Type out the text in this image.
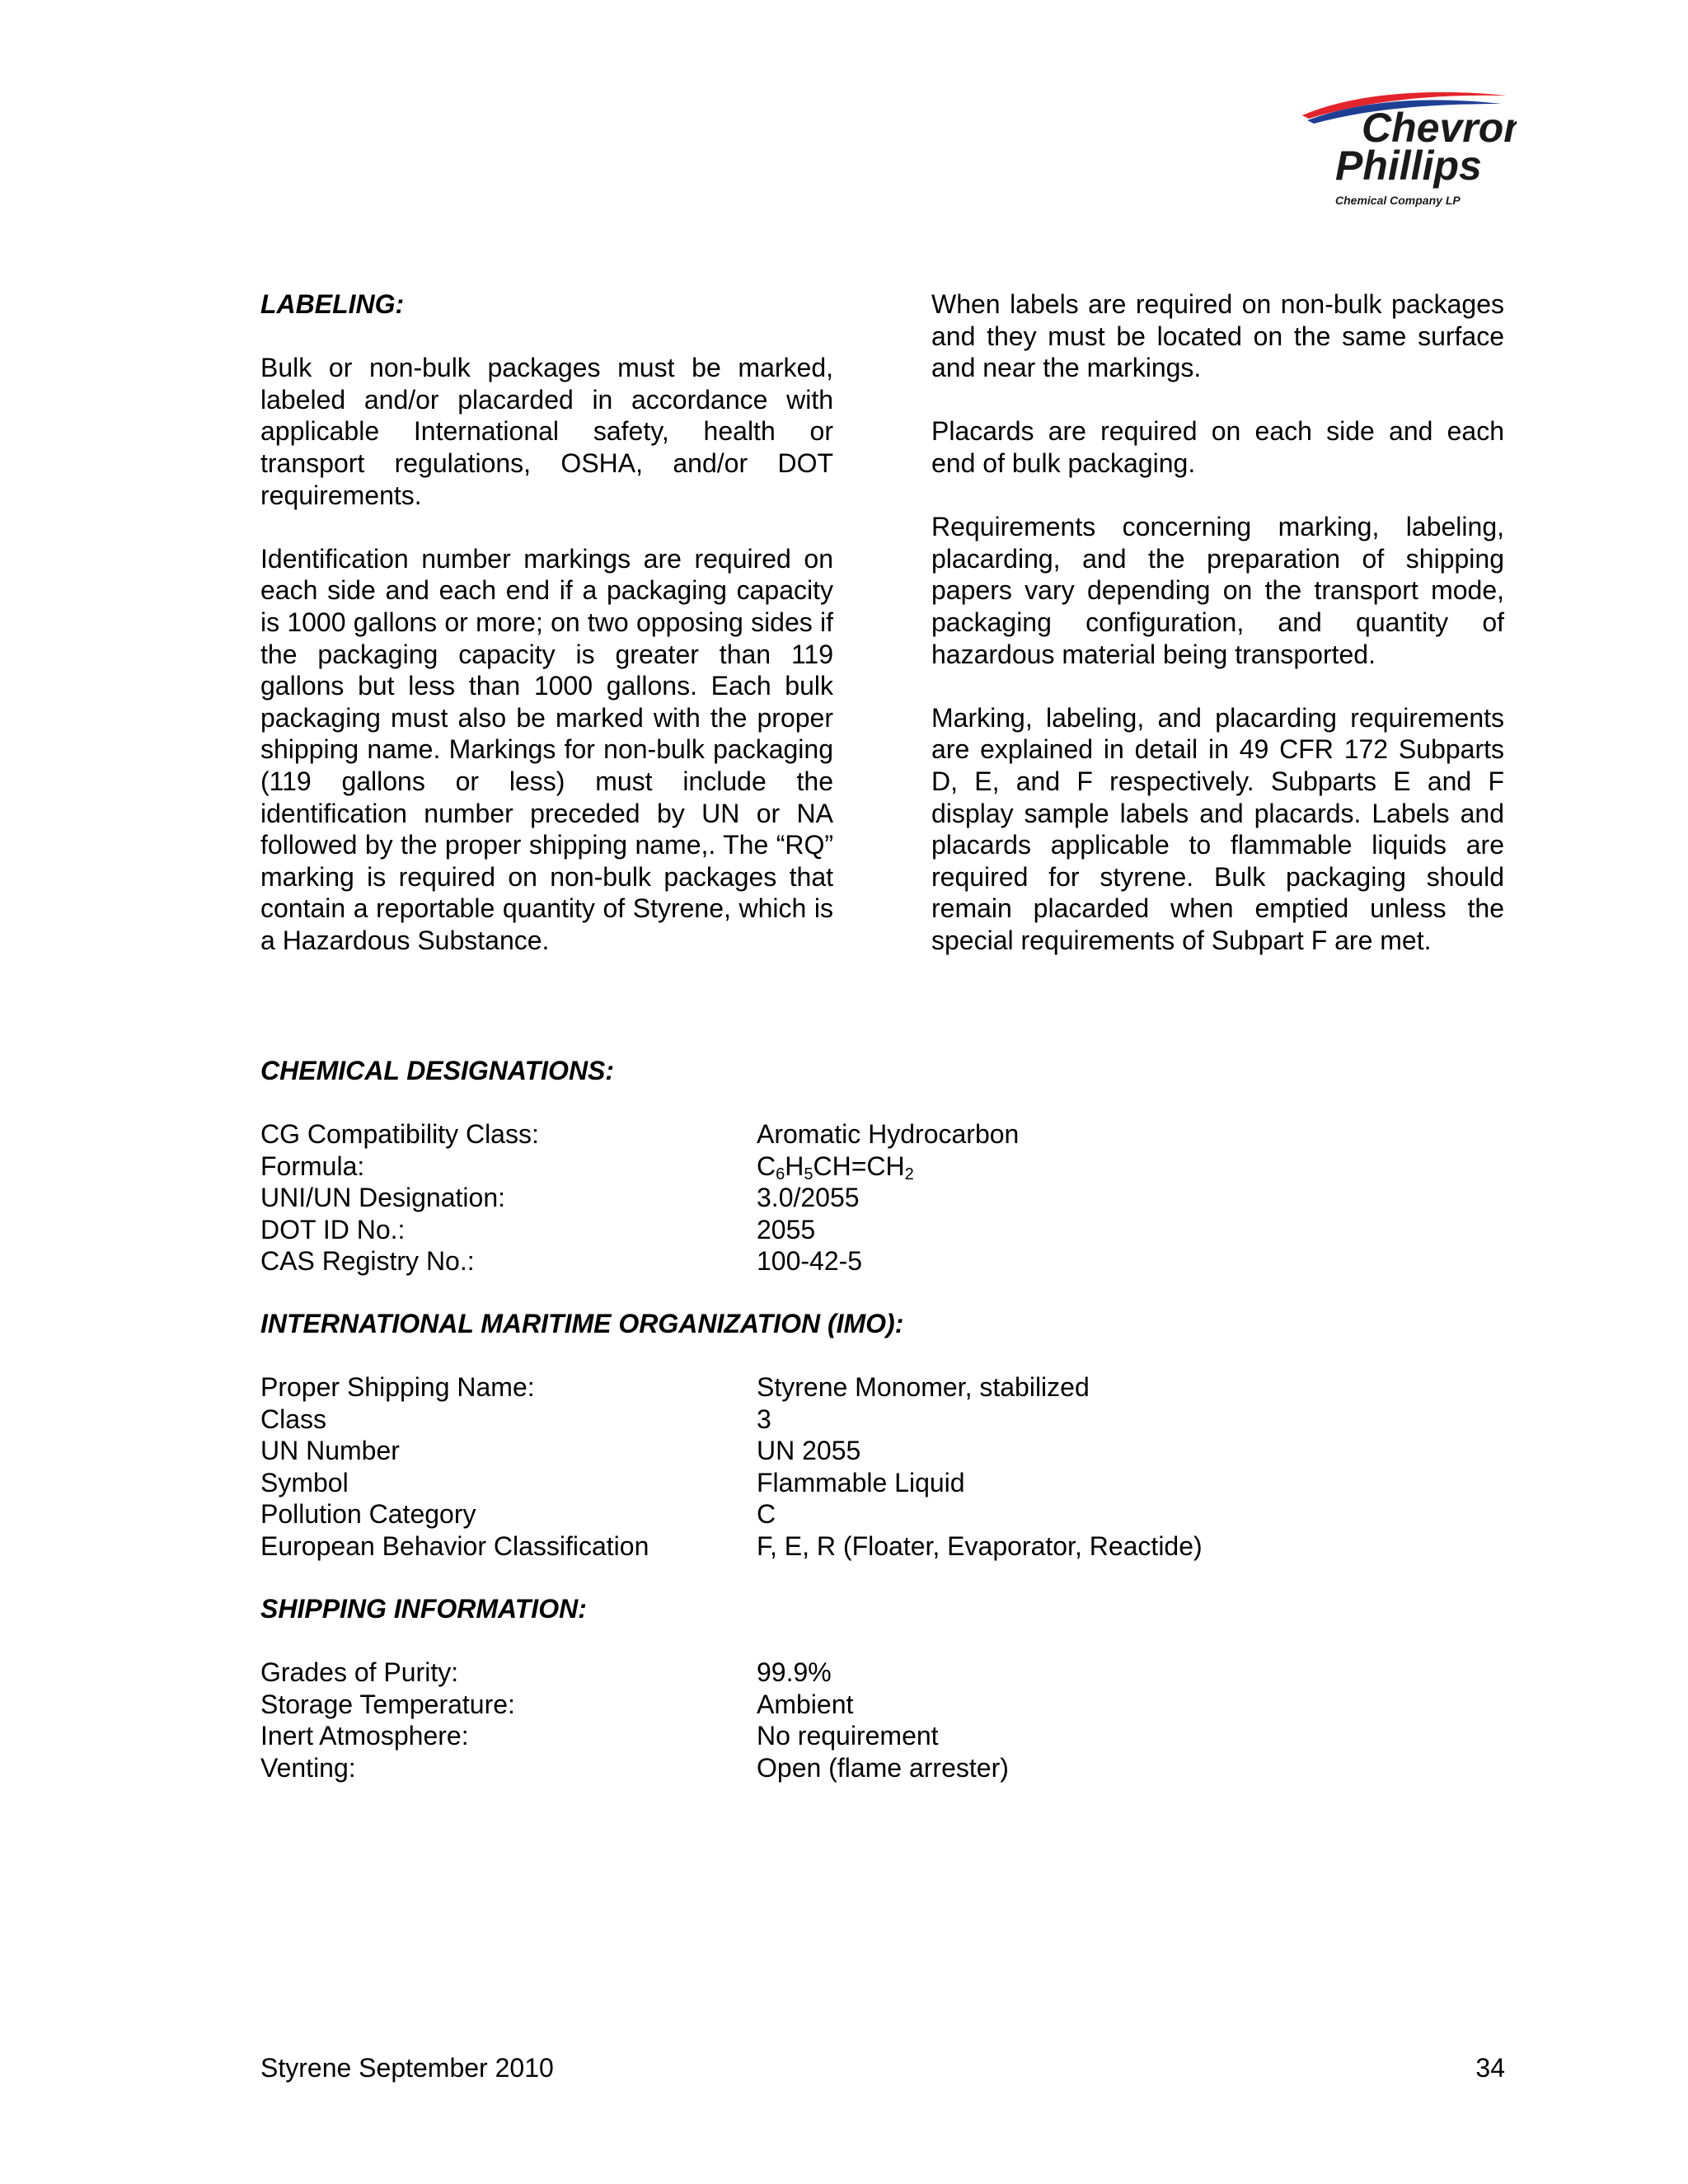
Chevron
Phillips
Chemical Company LP

LABELING:

Bulk or non-bulk packages must be marked, labeled and/or placarded in accordance with applicable International safety, health or transport regulations, OSHA, and/or DOT requirements.

Identification number markings are required on each side and each end if a packaging capacity is 1000 gallons or more; on two opposing sides if the packaging capacity is greater than 119 gallons but less than 1000 gallons. Each bulk packaging must also be marked with the proper shipping name. Markings for non-bulk packaging (119 gallons or less) must include the identification number preceded by UN or NA followed by the proper shipping name,. The “RQ” marking is required on non-bulk packages that contain a reportable quantity of Styrene, which is a Hazardous Substance.

When labels are required on non-bulk packages and they must be located on the same surface and near the markings.

Placards are required on each side and each end of bulk packaging.

Requirements concerning marking, labeling, placarding, and the preparation of shipping papers vary depending on the transport mode, packaging configuration, and quantity of hazardous material being transported.

Marking, labeling, and placarding requirements are explained in detail in 49 CFR 172 Subparts D, E, and F respectively. Subparts E and F display sample labels and placards. Labels and placards applicable to flammable liquids are required for styrene. Bulk packaging should remain placarded when emptied unless the special requirements of Subpart F are met.

CHEMICAL DESIGNATIONS:
CG Compatibility Class:	Aromatic Hydrocarbon
Formula:	$C_6H_5CH=CH_2$
UNI/UN Designation:	3.0/2055
DOT ID No.:	2055
CAS Registry No.:	100-42-5
INTERNATIONAL MARITIME ORGANIZATION (IMO):
Proper Shipping Name:	Styrene Monomer, stabilized
Class	3
UN Number	UN 2055
Symbol	Flammable Liquid
Pollution Category	C
European Behavior Classification	F, E, R (Floater, Evaporator, Reactide)
SHIPPING INFORMATION:
Grades of Purity:	99.9%
Storage Temperature:	Ambient
Inert Atmosphere:	No requirement
Venting:	Open (flame arrester)
Styrene September 2010	34
